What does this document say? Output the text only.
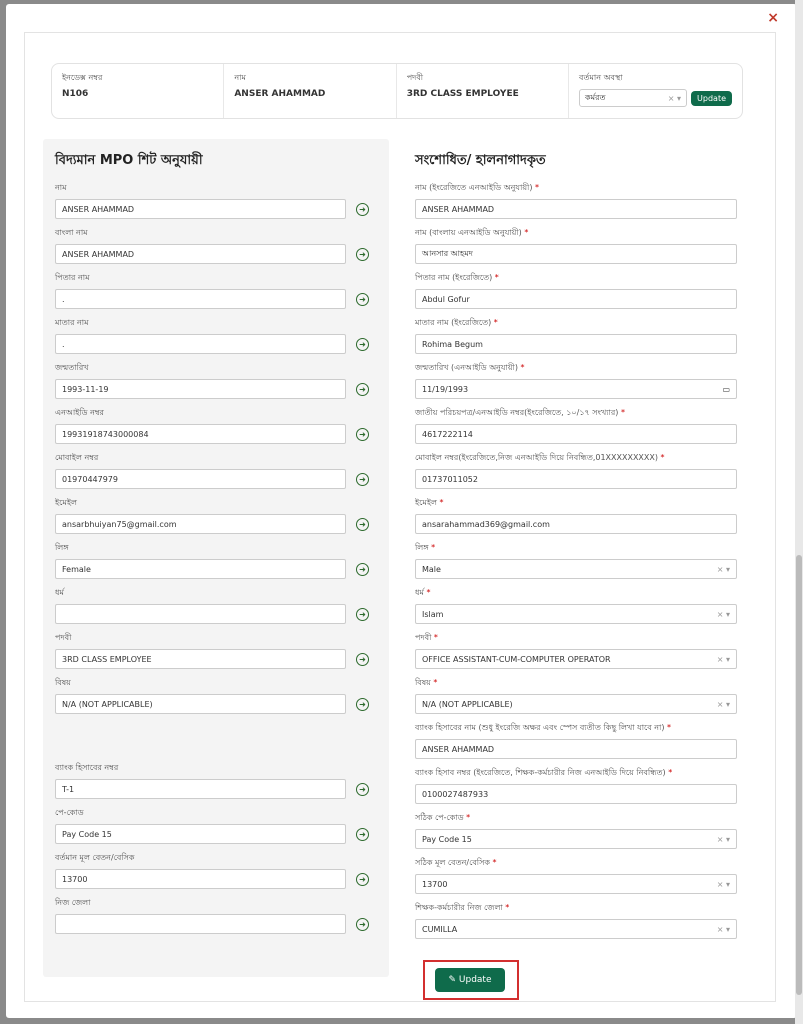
×
ইনডেক্স নম্বর
N106
নাম
ANSER AHAMMAD
পদবী
3RD CLASS EMPLOYEE
বর্তমান অবস্থা
কর্মরত	× ▾	Update
বিদ্যমান MPO শিট অনুযায়ী
নাম
ANSER AHAMMAD	➜
বাংলা নাম
ANSER AHAMMAD	➜
পিতার নাম
.	➜
মাতার নাম
.	➜
জন্মতারিখ
1993-11-19	➜
এনআইডি নম্বর
19931918743000084	➜
মোবাইল নম্বর
01970447979	➜
ইমেইল
ansarbhuiyan75@gmail.com	➜
লিঙ্গ
Female	➜
ধর্ম
➜
পদবী
3RD CLASS EMPLOYEE	➜
বিষয়
N/A (NOT APPLICABLE)	➜
ব্যাংক হিসাবের নম্বর
T-1	➜
পে-কোড
Pay Code 15	➜
বর্তমান মূল বেতন/বেসিক
13700	➜
নিজ জেলা
➜
সংশোধিত/ হালনাগাদকৃত
নাম (ইংরেজিতে এনআইডি অনুযায়ী) *
ANSER AHAMMAD
নাম (বাংলায় এনআইডি অনুযায়ী) *
আনসার আহমদ
পিতার নাম (ইংরেজিতে) *
Abdul Gofur
মাতার নাম (ইংরেজিতে) *
Rohima Begum
জন্মতারিখ (এনআইডি অনুযায়ী) *
11/19/1993	▭
জাতীয় পরিচয়পত্র/এনআইডি নম্বর(ইংরেজিতে, ১০/১৭ সংখ্যার) *
4617222114
মোবাইল নম্বর(ইংরেজিতে,নিজ এনআইডি দিয়ে নিবন্ধিত,01XXXXXXXXX) *
01737011052
ইমেইল *
ansarahammad369@gmail.com
লিঙ্গ *
Male	× ▾
ধর্ম *
Islam	× ▾
পদবী *
OFFICE ASSISTANT-CUM-COMPUTER OPERATOR	× ▾
বিষয় *
N/A (NOT APPLICABLE)	× ▾
ব্যাংক হিসাবের নাম (শুধু ইংরেজি অক্ষর এবং স্পেস ব্যতীত কিছু লিখা যাবে না) *
ANSER AHAMMAD
ব্যাংক হিসাব নম্বর (ইংরেজিতে, শিক্ষক-কর্মচারীর নিজ এনআইডি দিয়ে নিবন্ধিত) *
0100027487933
সঠিক পে-কোড *
Pay Code 15	× ▾
সঠিক মূল বেতন/বেসিক *
13700	× ▾
শিক্ষক-কর্মচারীর নিজ জেলা *
CUMILLA	× ▾
✎ Update
